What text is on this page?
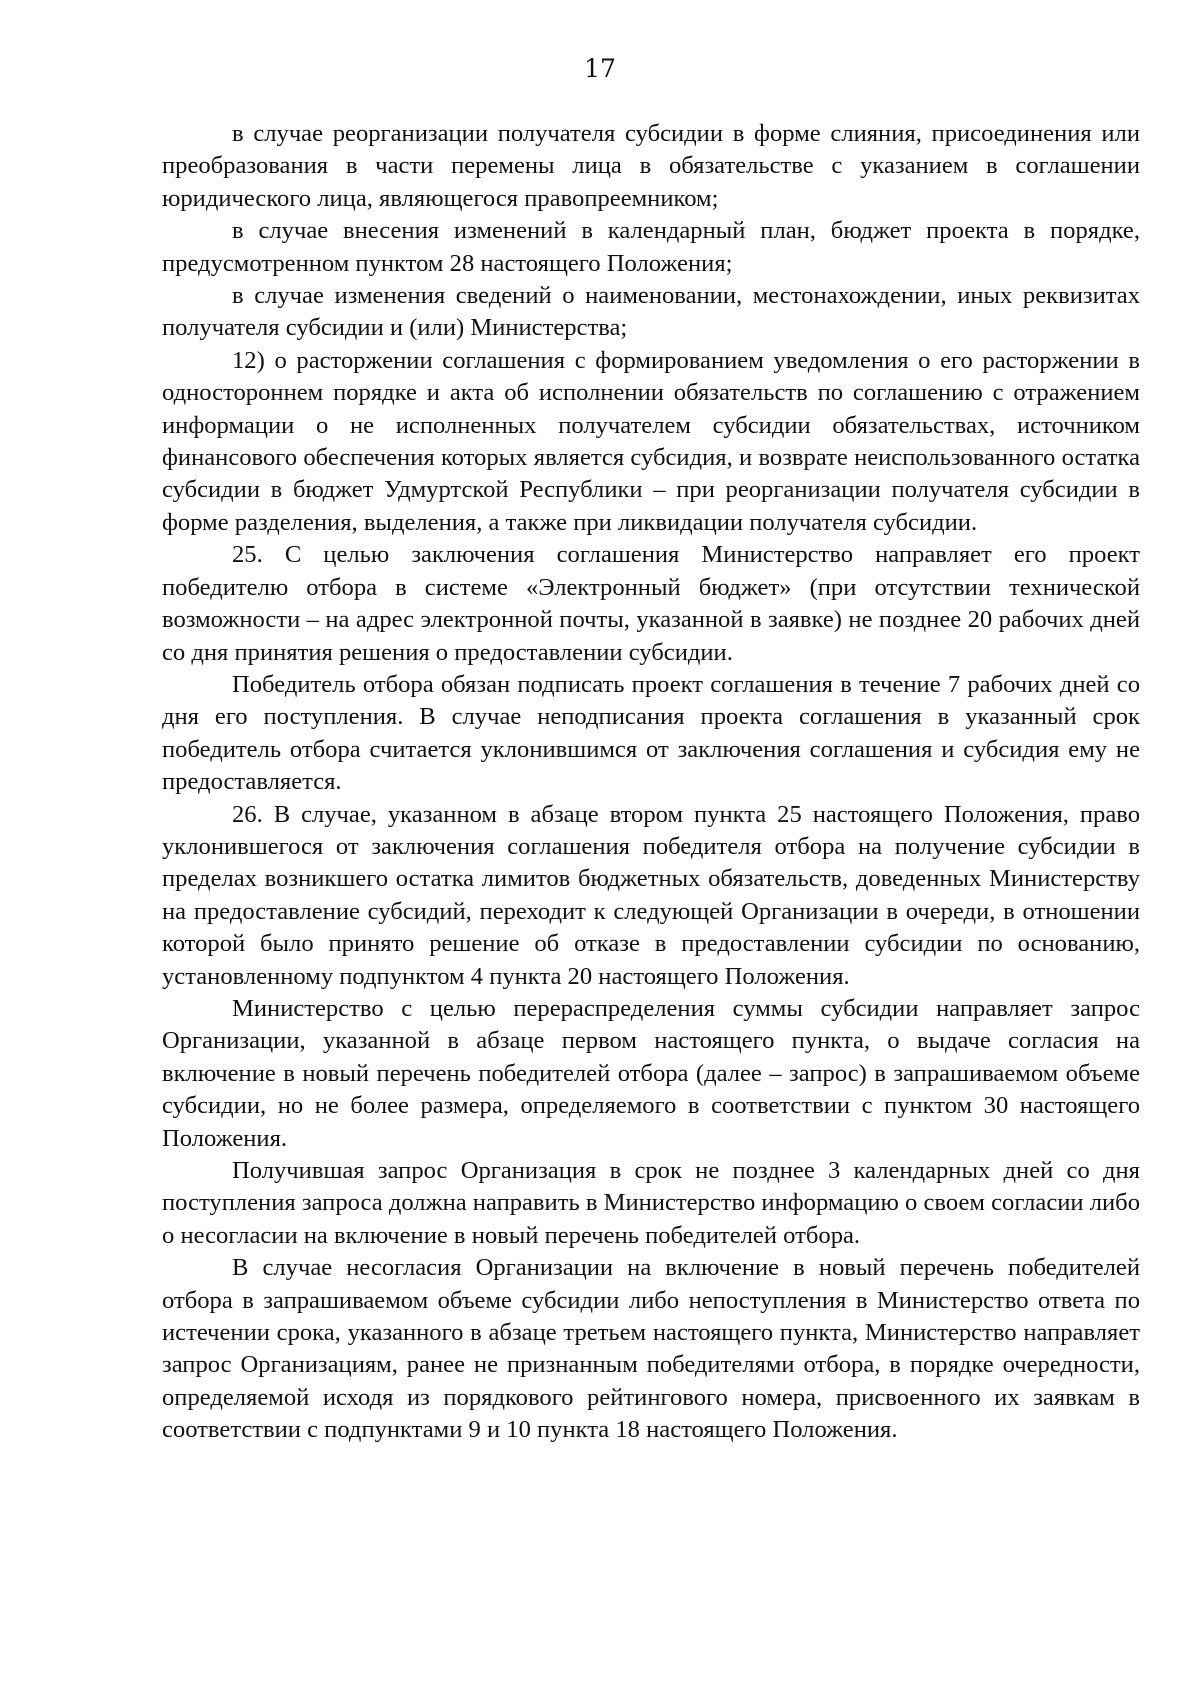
17

в случае реорганизации получателя субсидии в форме слияния, присоединения или преобразования в части перемены лица в обязательстве с указанием в соглашении юридического лица, являющегося правопреемником;

в случае внесения изменений в календарный план, бюджет проекта в порядке, предусмотренном пунктом 28 настоящего Положения;

в случае изменения сведений о наименовании, местонахождении, иных реквизитах получателя субсидии и (или) Министерства;

12) о расторжении соглашения с формированием уведомления о его расторжении в одностороннем порядке и акта об исполнении обязательств по соглашению с отражением информации о не исполненных получателем субсидии обязательствах, источником финансового обеспечения которых является субсидия, и возврате неиспользованного остатка субсидии в бюджет Удмуртской Республики – при реорганизации получателя субсидии в форме разделения, выделения, а также при ликвидации получателя субсидии.

25. С целью заключения соглашения Министерство направляет его проект победителю отбора в системе «Электронный бюджет» (при отсутствии технической возможности – на адрес электронной почты, указанной в заявке) не позднее 20 рабочих дней со дня принятия решения о предоставлении субсидии.

Победитель отбора обязан подписать проект соглашения в течение 7 рабочих дней со дня его поступления. В случае неподписания проекта соглашения в указанный срок победитель отбора считается уклонившимся от заключения соглашения и субсидия ему не предоставляется.

26. В случае, указанном в абзаце втором пункта 25 настоящего Положения, право уклонившегося от заключения соглашения победителя отбора на получение субсидии в пределах возникшего остатка лимитов бюджетных обязательств, доведенных Министерству на предоставление субсидий, переходит к следующей Организации в очереди, в отношении которой было принято решение об отказе в предоставлении субсидии по основанию, установленному подпунктом 4 пункта 20 настоящего Положения.

Министерство с целью перераспределения суммы субсидии направляет запрос Организации, указанной в абзаце первом настоящего пункта, о выдаче согласия на включение в новый перечень победителей отбора (далее – запрос) в запрашиваемом объеме субсидии, но не более размера, определяемого в соответствии с пунктом 30 настоящего Положения.

Получившая запрос Организация в срок не позднее 3 календарных дней со дня поступления запроса должна направить в Министерство информацию о своем согласии либо о несогласии на включение в новый перечень победителей отбора.

В случае несогласия Организации на включение в новый перечень победителей отбора в запрашиваемом объеме субсидии либо непоступления в Министерство ответа по истечении срока, указанного в абзаце третьем настоящего пункта, Министерство направляет запрос Организациям, ранее не признанным победителями отбора, в порядке очередности, определяемой исходя из порядкового рейтингового номера, присвоенного их заявкам в соответствии с подпунктами 9 и 10 пункта 18 настоящего Положения.
